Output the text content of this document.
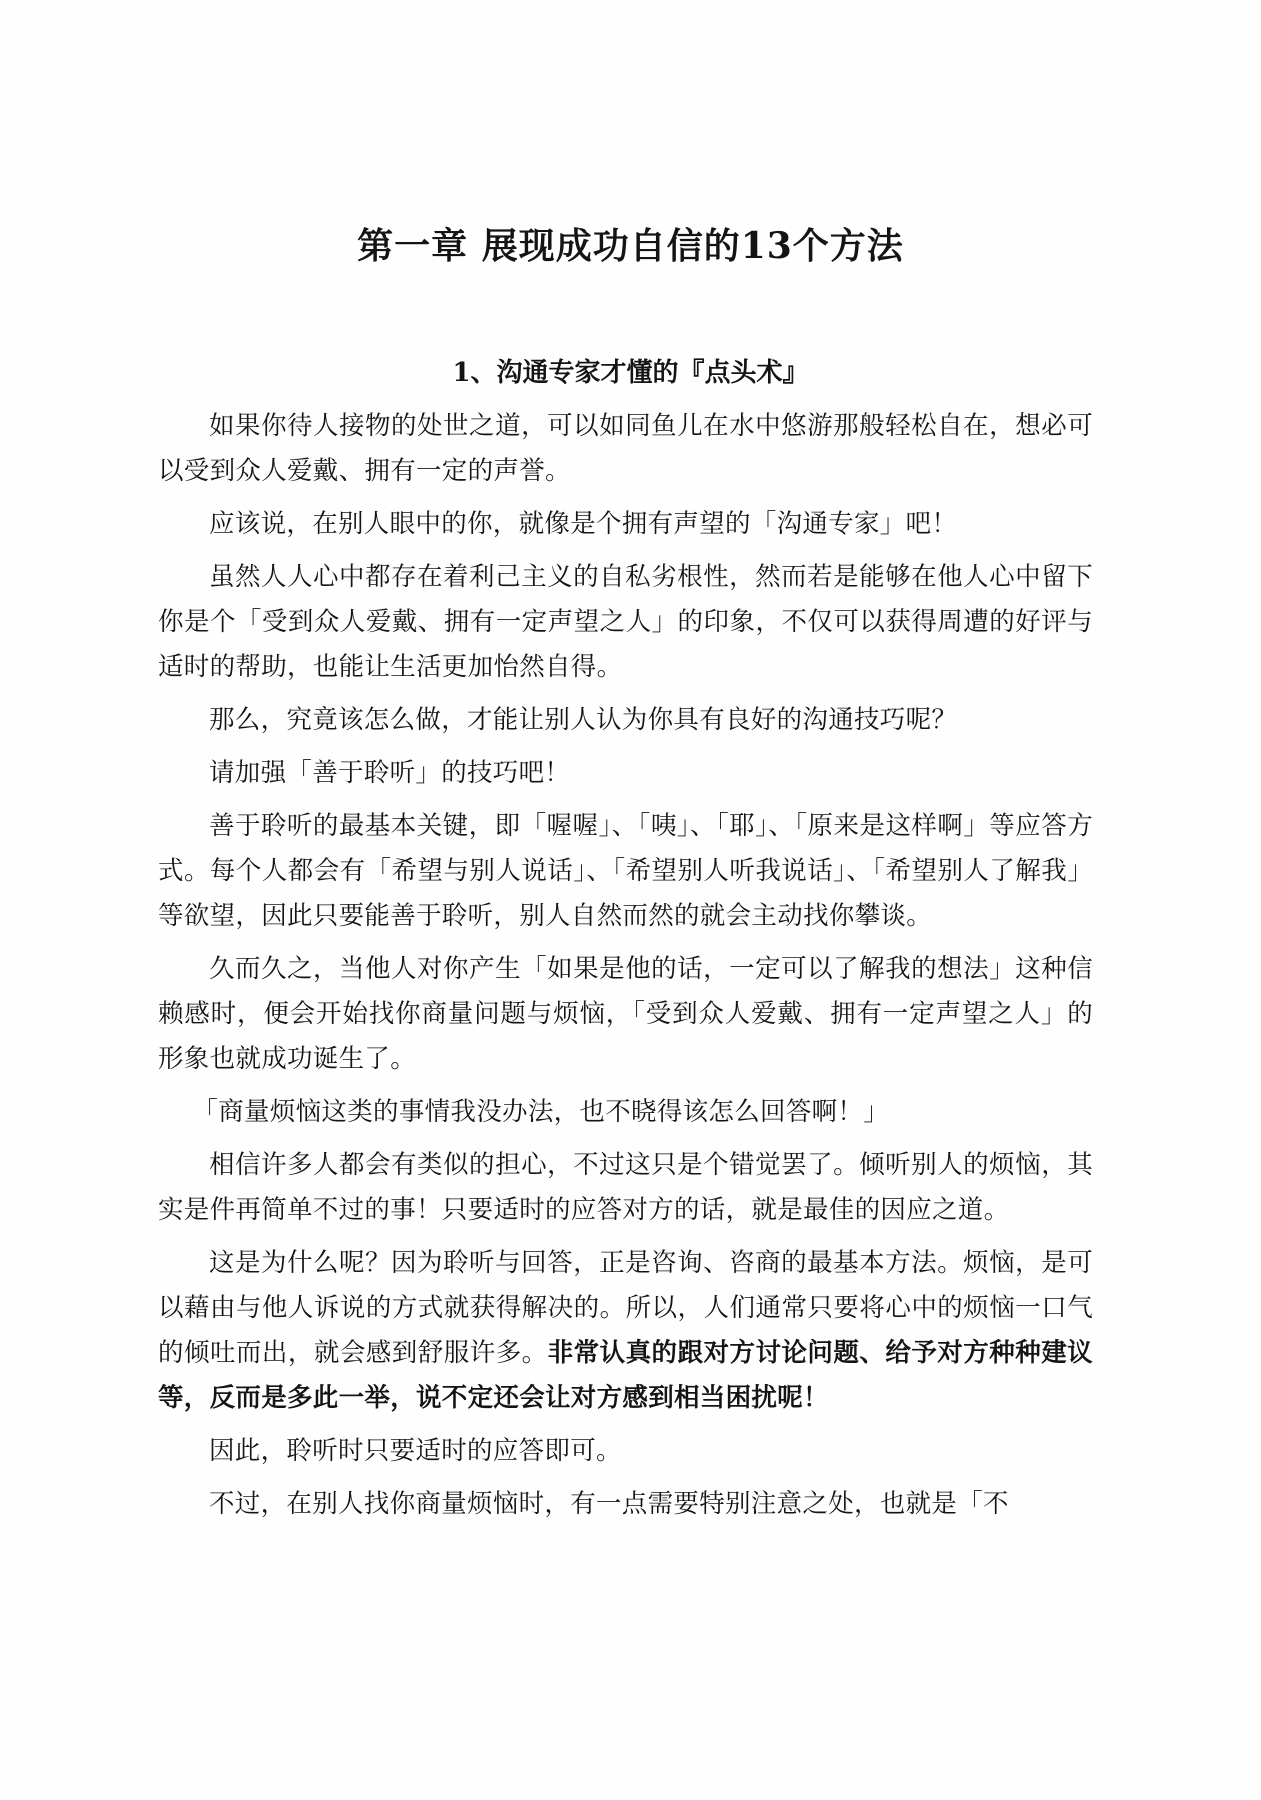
第一章 展现成功自信的13个方法
1、沟通专家才懂的『点头术』

如果你待人接物的处世之道，可以如同鱼儿在水中悠游那般轻松自在，想必可以受到众人爱戴、拥有一定的声誉。

应该说，在别人眼中的你，就像是个拥有声望的「沟通专家」吧！

虽然人人心中都存在着利己主义的自私劣根性，然而若是能够在他人心中留下你是个「受到众人爱戴、拥有一定声望之人」的印象，不仅可以获得周遭的好评与适时的帮助，也能让生活更加怡然自得。

那么，究竟该怎么做，才能让别人认为你具有良好的沟通技巧呢？

请加强「善于聆听」的技巧吧！

善于聆听的最基本关键，即「喔喔」、「咦」、「耶」、「原来是这样啊」等应答方式。每个人都会有「希望与别人说话」、「希望别人听我说话」、「希望别人了解我」等欲望，因此只要能善于聆听，别人自然而然的就会主动找你攀谈。

久而久之，当他人对你产生「如果是他的话，一定可以了解我的想法」这种信赖感时，便会开始找你商量问题与烦恼，「受到众人爱戴、拥有一定声望之人」的形象也就成功诞生了。

「商量烦恼这类的事情我没办法，也不晓得该怎么回答啊！」

相信许多人都会有类似的担心，不过这只是个错觉罢了。倾听别人的烦恼，其实是件再简单不过的事！只要适时的应答对方的话，就是最佳的因应之道。

这是为什么呢？因为聆听与回答，正是咨询、咨商的最基本方法。烦恼，是可以藉由与他人诉说的方式就获得解决的。所以，人们通常只要将心中的烦恼一口气的倾吐而出，就会感到舒服许多。非常认真的跟对方讨论问题、给予对方种种建议等，反而是多此一举，说不定还会让对方感到相当困扰呢！

因此，聆听时只要适时的应答即可。

不过，在别人找你商量烦恼时，有一点需要特别注意之处，也就是「不
